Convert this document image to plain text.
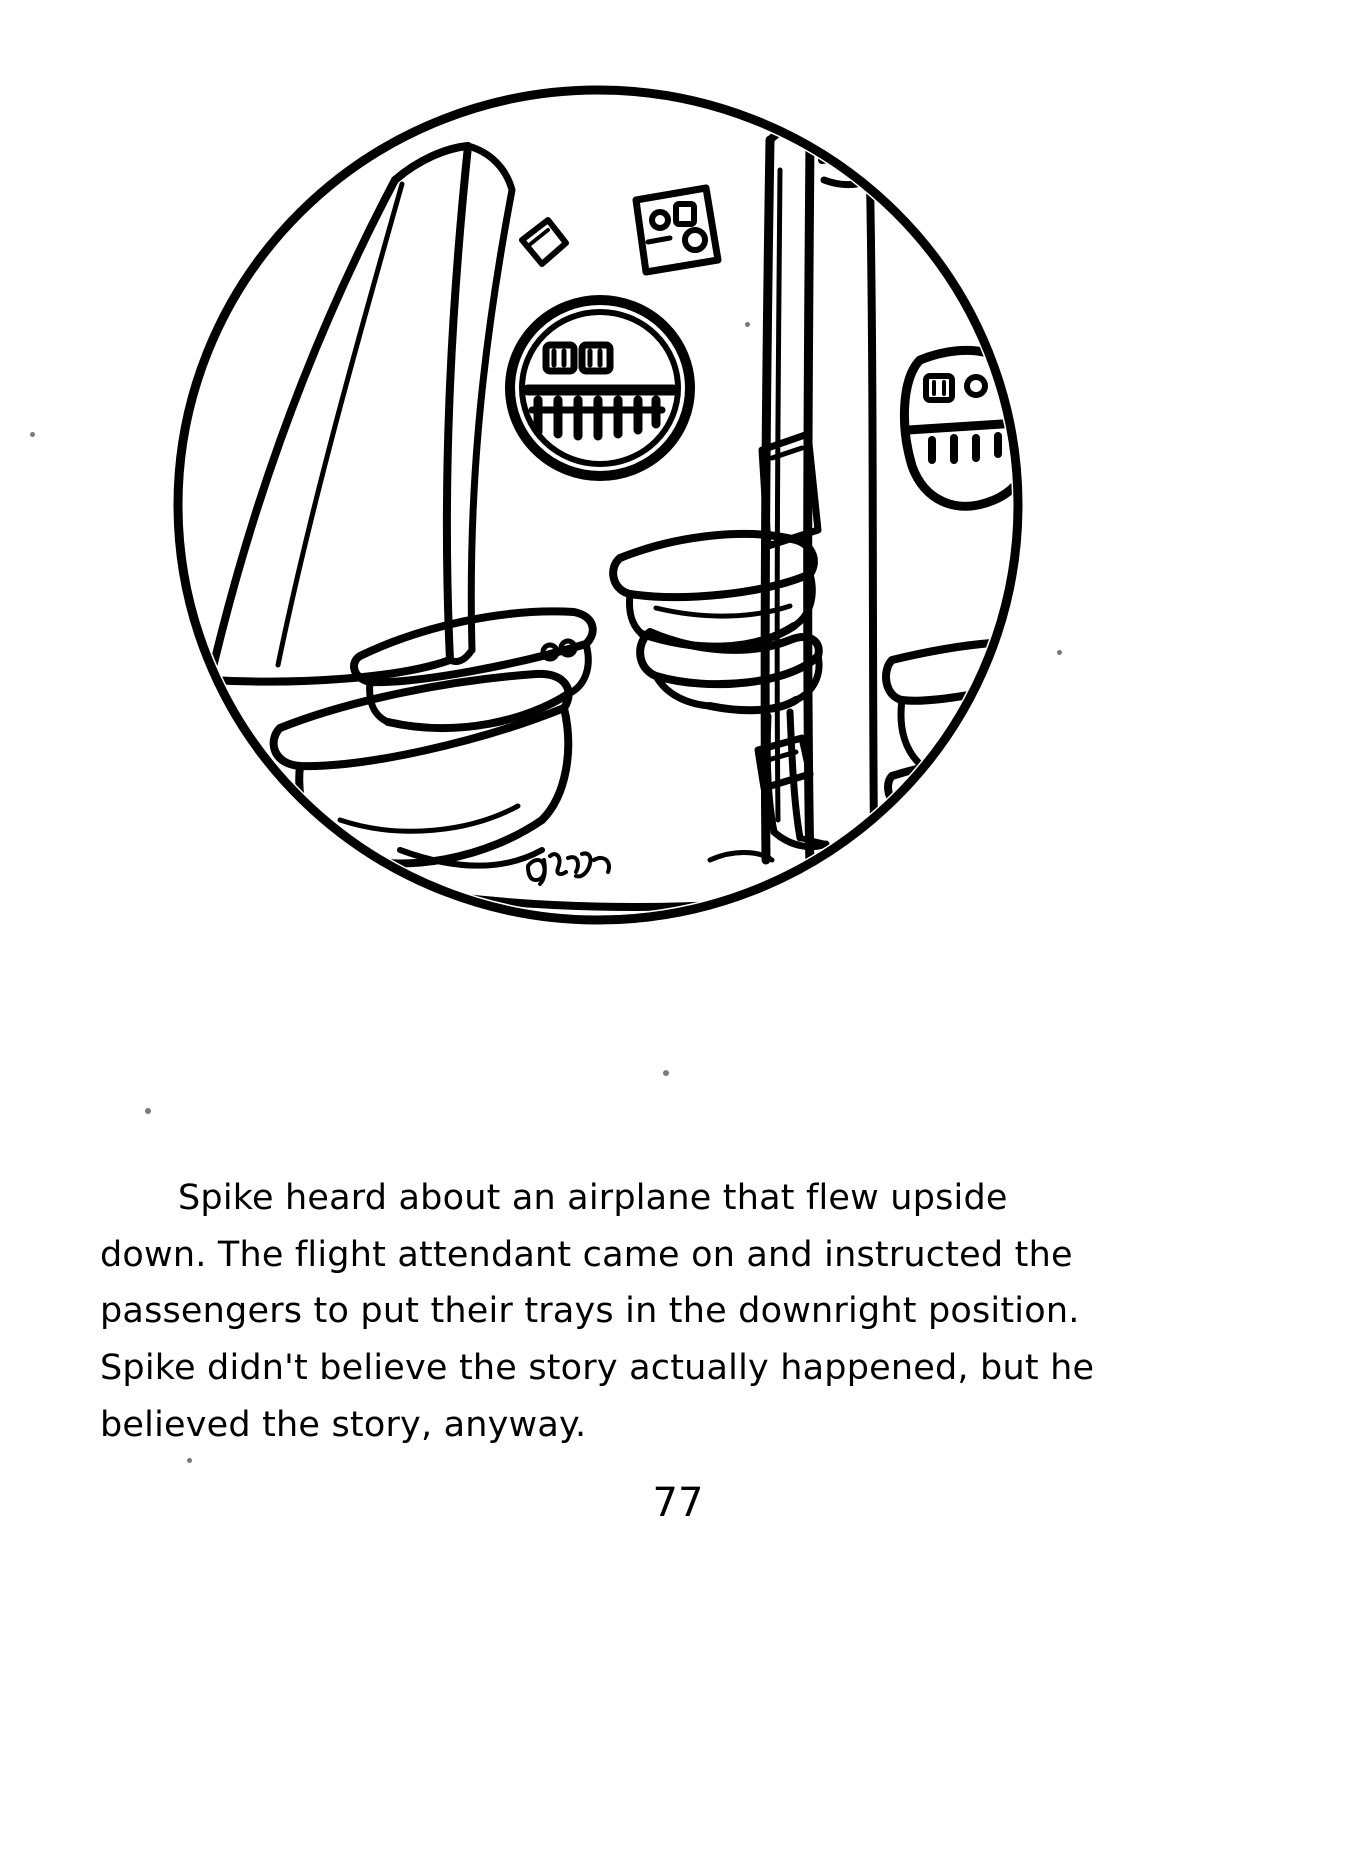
Spike heard about an airplane that flew upside down. The flight attendant came on and instructed the passengers to put their trays in the downright position. Spike didn't believe the story actually happened, but he believed the story, anyway.

77
